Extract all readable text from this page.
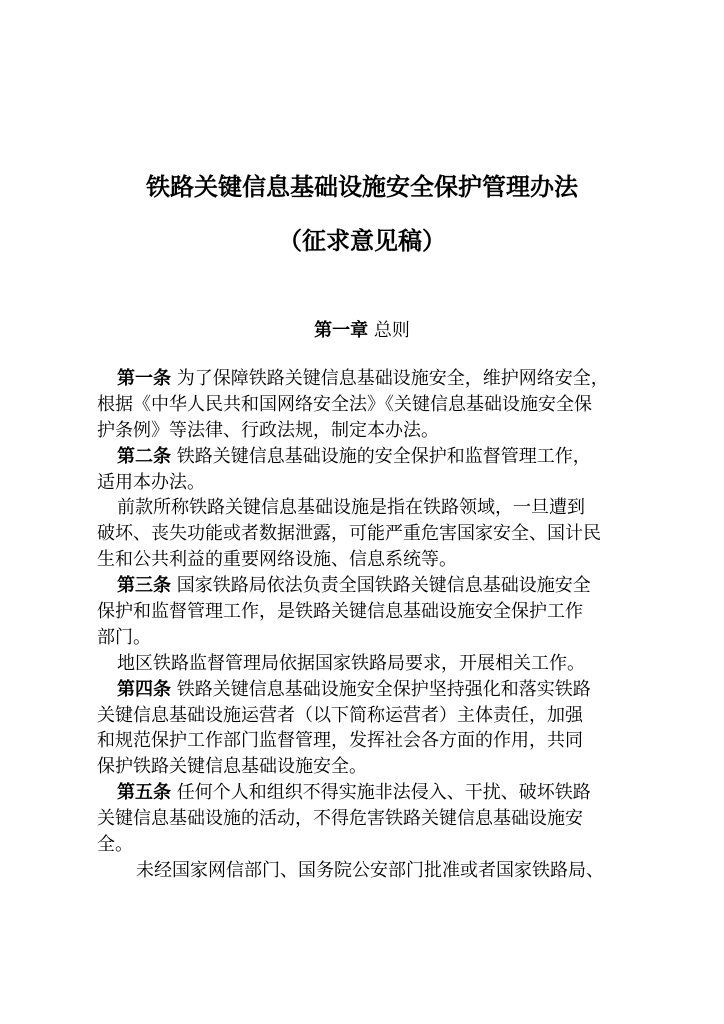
铁路关键信息基础设施安全保护管理办法
（征求意见稿）

第一章 总则

第一条 为了保障铁路关键信息基础设施安全，维护网络安全，
根据《中华人民共和国网络安全法》《关键信息基础设施安全保
护条例》等法律、行政法规，制定本办法。
第二条 铁路关键信息基础设施的安全保护和监督管理工作，
适用本办法。
前款所称铁路关键信息基础设施是指在铁路领域，一旦遭到
破坏、丧失功能或者数据泄露，可能严重危害国家安全、国计民
生和公共利益的重要网络设施、信息系统等。
第三条 国家铁路局依法负责全国铁路关键信息基础设施安全
保护和监督管理工作，是铁路关键信息基础设施安全保护工作
部门。
地区铁路监督管理局依据国家铁路局要求，开展相关工作。
第四条 铁路关键信息基础设施安全保护坚持强化和落实铁路
关键信息基础设施运营者（以下简称运营者）主体责任，加强
和规范保护工作部门监督管理，发挥社会各方面的作用，共同
保护铁路关键信息基础设施安全。
第五条 任何个人和组织不得实施非法侵入、干扰、破坏铁路
关键信息基础设施的活动，不得危害铁路关键信息基础设施安
全。
未经国家网信部门、国务院公安部门批准或者国家铁路局、
